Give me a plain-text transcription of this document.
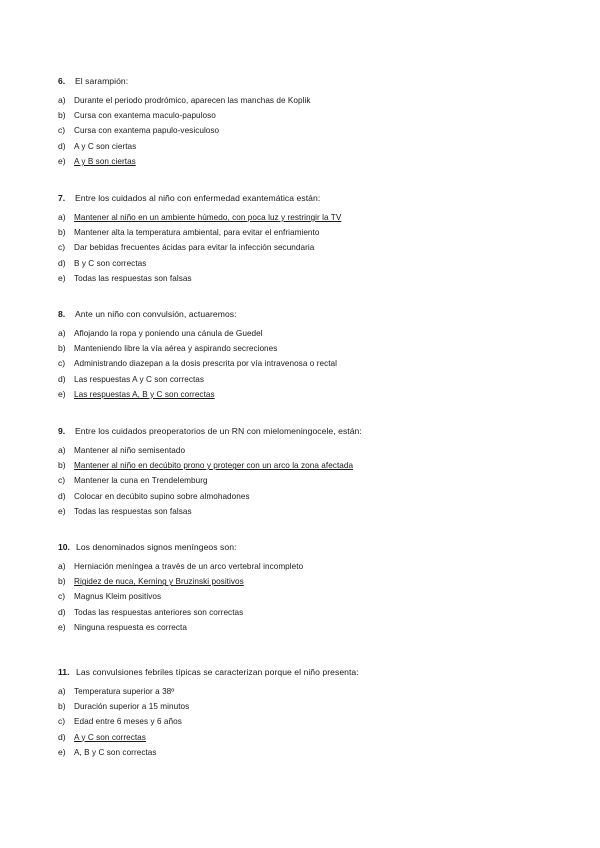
6.	El sarampión:
a)	Durante el periodo prodrómico, aparecen las manchas de Koplik
b)	Cursa con exantema maculo-papuloso
c)	Cursa con exantema papulo-vesiculoso
d)	A y C son ciertas
e)	A y B son ciertas
7.	Entre los cuidados al niño con enfermedad exantemática están:
a)	Mantener al niño en un ambiente húmedo, con poca luz y restringir la TV
b)	Mantener alta la temperatura ambiental, para evitar el enfriamiento
c)	Dar bebidas frecuentes ácidas para evitar la infección secundaria
d)	B y C son correctas
e)	Todas las respuestas son falsas
8.	Ante un niño con convulsión, actuaremos:
a)	Aflojando la ropa y poniendo una cánula de Guedel
b)	Manteniendo libre la vía aérea y aspirando secreciones
c)	Administrando diazepan a la dosis prescrita por vía intravenosa o rectal
d)	Las respuestas A y C son correctas
e)	Las respuestas A, B y C son correctas
9.	Entre los cuidados preoperatorios de un RN con mielomeningocele, están:
a)	Mantener al niño semisentado
b)	Mantener al niño en decúbito prono y proteger con un arco la zona afectada
c)	Mantener la cuna en Trendelemburg
d)	Colocar en decúbito supino sobre almohadones
e)	Todas las respuestas son falsas
10. Los denominados signos meníngeos son:
a)	Herniación meníngea a través de un arco vertebral incompleto
b)	Rigidez de nuca, Kerning y Bruzinski positivos
c)	Magnus Kleim positivos
d)	Todas las respuestas anteriores son correctas
e)	Ninguna respuesta es correcta
11. Las convulsiones febriles típicas se caracterizan porque el niño presenta:
a)	Temperatura superior a 38º
b)	Duración superior a 15 minutos
c)	Edad entre 6 meses y 6 años
d)	A y C son correctas
e)	A, B y C son correctas
